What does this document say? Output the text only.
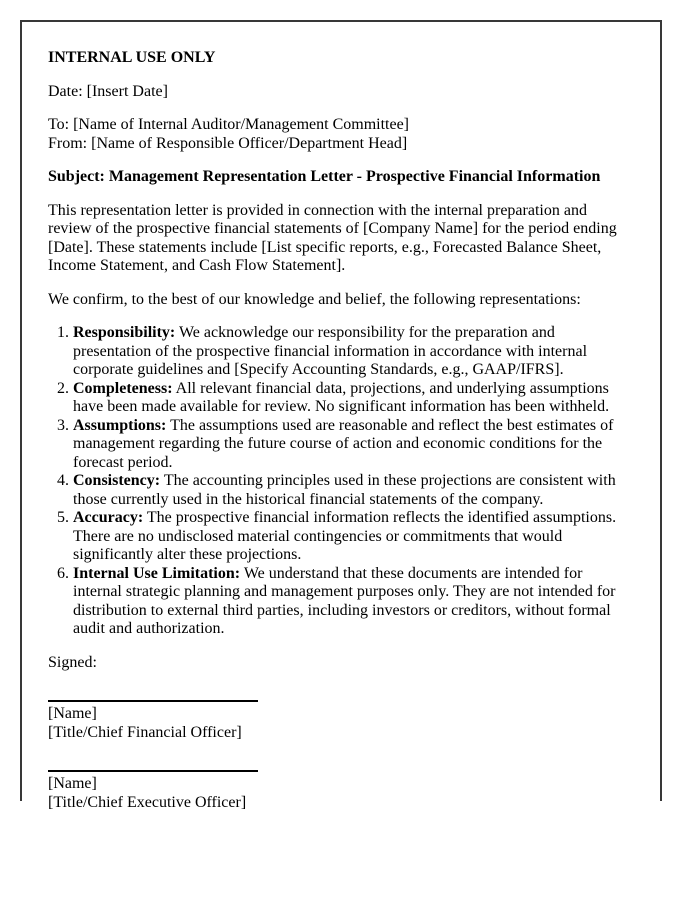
INTERNAL USE ONLY

Date: [Insert Date]

To: [Name of Internal Auditor/Management Committee]
From: [Name of Responsible Officer/Department Head]

Subject: Management Representation Letter - Prospective Financial Information

This representation letter is provided in connection with the internal preparation and review of the prospective financial statements of [Company Name] for the period ending [Date]. These statements include [List specific reports, e.g., Forecasted Balance Sheet, Income Statement, and Cash Flow Statement].

We confirm, to the best of our knowledge and belief, the following representations:

1. Responsibility: We acknowledge our responsibility for the preparation and presentation of the prospective financial information in accordance with internal corporate guidelines and [Specify Accounting Standards, e.g., GAAP/IFRS].
2. Completeness: All relevant financial data, projections, and underlying assumptions have been made available for review. No significant information has been withheld.
3. Assumptions: The assumptions used are reasonable and reflect the best estimates of management regarding the future course of action and economic conditions for the forecast period.
4. Consistency: The accounting principles used in these projections are consistent with those currently used in the historical financial statements of the company.
5. Accuracy: The prospective financial information reflects the identified assumptions. There are no undisclosed material contingencies or commitments that would significantly alter these projections.
6. Internal Use Limitation: We understand that these documents are intended for internal strategic planning and management purposes only. They are not intended for distribution to external third parties, including investors or creditors, without formal audit and authorization.

Signed:

[Name]
[Title/Chief Financial Officer]
[Name]
[Title/Chief Executive Officer]
